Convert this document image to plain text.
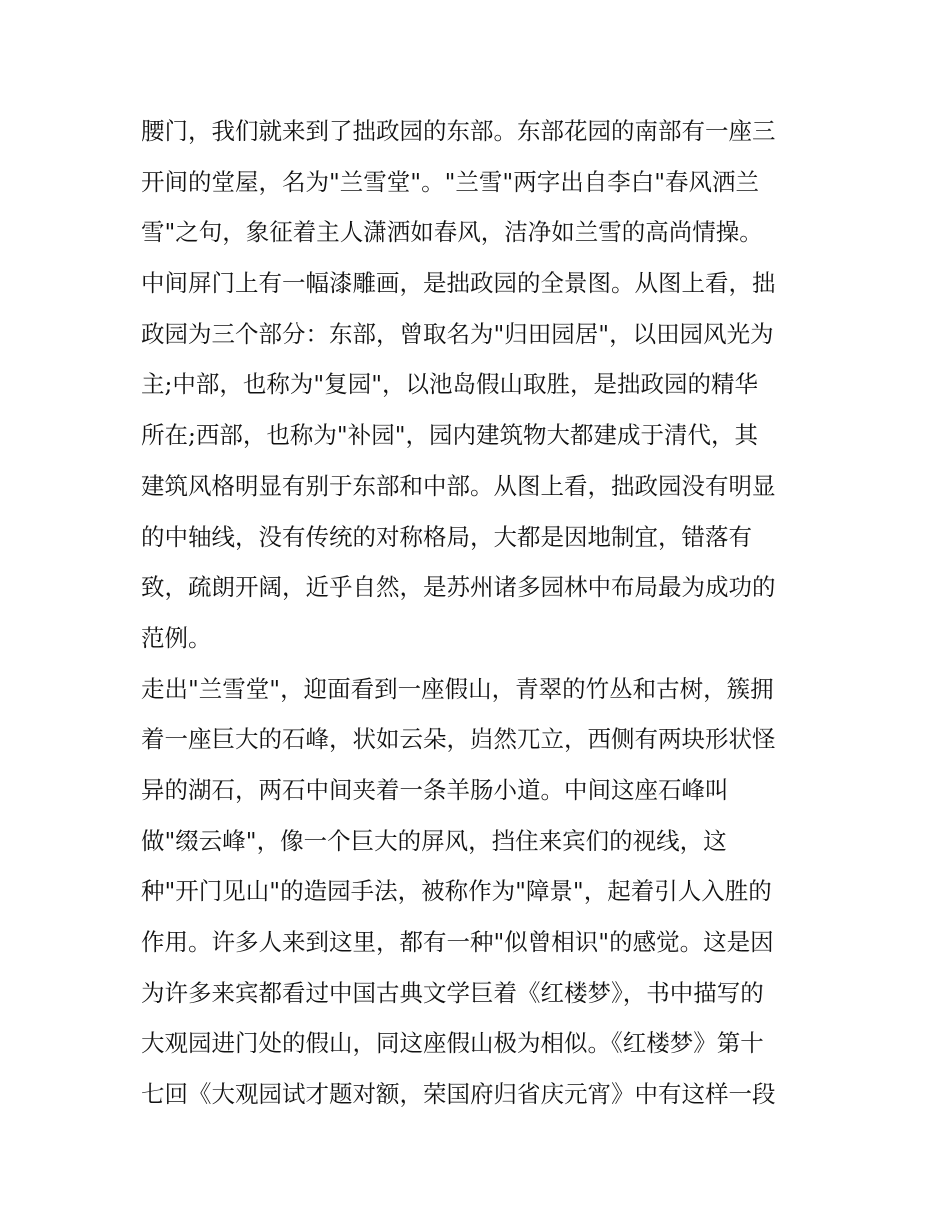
腰门，我们就来到了拙政园的东部。东部花园的南部有一座三
开间的堂屋，名为"兰雪堂"。"兰雪"两字出自李白"春风洒兰
雪"之句，象征着主人潇洒如春风，洁净如兰雪的高尚情操。
中间屏门上有一幅漆雕画，是拙政园的全景图。从图上看，拙
政园为三个部分：东部，曾取名为"归田园居"，以田园风光为
主;中部，也称为"复园"，以池岛假山取胜，是拙政园的精华
所在;西部，也称为"补园"，园内建筑物大都建成于清代，其
建筑风格明显有别于东部和中部。从图上看，拙政园没有明显
的中轴线，没有传统的对称格局，大都是因地制宜，错落有
致，疏朗开阔，近乎自然，是苏州诸多园林中布局最为成功的
范例。
走出"兰雪堂"，迎面看到一座假山，青翠的竹丛和古树，簇拥
着一座巨大的石峰，状如云朵，岿然兀立，西侧有两块形状怪
异的湖石，两石中间夹着一条羊肠小道。中间这座石峰叫
做"缀云峰"，像一个巨大的屏风，挡住来宾们的视线，这
种"开门见山"的造园手法，被称作为"障景"，起着引人入胜的
作用。许多人来到这里，都有一种"似曾相识"的感觉。这是因
为许多来宾都看过中国古典文学巨着《红楼梦》，书中描写的
大观园进门处的假山，同这座假山极为相似。《红楼梦》第十
七回《大观园试才题对额，荣国府归省庆元宵》中有这样一段
